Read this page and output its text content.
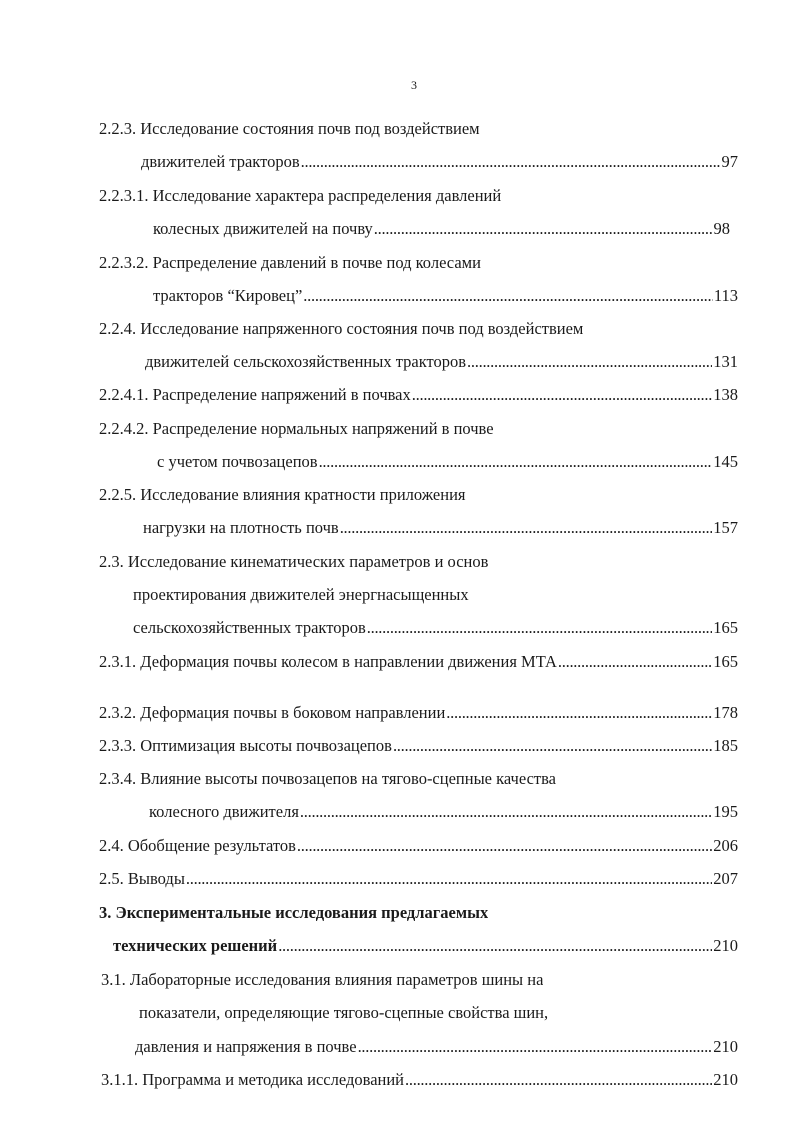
3
2.2.3. Исследование состояния почв под воздействием
движителей тракторов . . .	97
2.2.3.1. Исследование характера распределения давлений
колесных движителей на почву . . .	98
2.2.3.2. Распределение давлений в почве под колесами
тракторов “Кировец” . . .	113
2.2.4. Исследование напряженного состояния почв под воздействием
движителей сельскохозяйственных тракторов . . .	131
2.2.4.1. Распределение напряжений в почвах . . .	138
2.2.4.2. Распределение нормальных напряжений в почве
с учетом почвозацепов . . .	145
2.2.5. Исследование влияния кратности приложения
нагрузки на плотность почв . . .	157
2.3. Исследование кинематических параметров и основ
проектирования движителей энергнасыщенных
сельскохозяйственных тракторов . . .	165
2.3.1. Деформация почвы колесом в направлении движения МТА . . .	165
2.3.2. Деформация почвы в боковом направлении . . .	178
2.3.3. Оптимизация высоты почвозацепов . . .	185
2.3.4. Влияние высоты почвозацепов на тягово-сцепные качества
колесного движителя . . .	195
2.4. Обобщение результатов . . .	206
2.5. Выводы . . .	207
3. Экспериментальные исследования предлагаемых
технических решений . . .	210
3.1. Лабораторные исследования влияния параметров шины на
показатели, определяющие тягово-сцепные свойства шин,
давления и напряжения в почве . . .	210
3.1.1. Программа и методика исследований . . .	210
